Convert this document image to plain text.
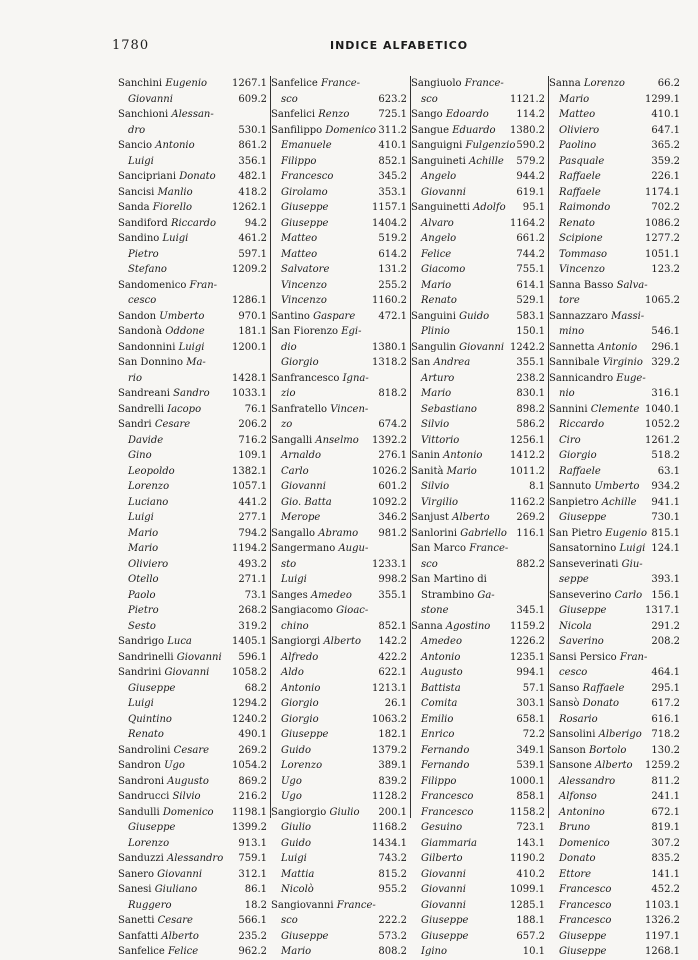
1780	INDICE ALFABETICO
Sanchini Eugenio 1267.1
Giovanni	609.2
Sanchioni Alessan-
dro	530.1
Sancio Antonio	861.2
Luigi	356.1
Sancipriani Donato 482.1
Sancisi Manlio	418.2
Sanda Fiorello	1262.1
Sandiford Riccardo	94.2
Sandino Luigi	461.2
Pietro	597.1
Stefano	1209.2
Sandomenico Fran-
cesco	1286.1
Sandon Umberto	970.1
Sandonà Oddone	181.1
Sandonnini Luigi	1200.1
San Donnino Ma-
rio	1428.1
Sandreani Sandro 1033.1
Sandrelli Iacopo	76.1
Sandri Cesare	206.2
Davide	716.2
Gino	109.1
Leopoldo	1382.1
Lorenzo	1057.1
Luciano	441.2
Luigi	277.1
Mario	794.2
Mario	1194.2
Oliviero	493.2
Otello	271.1
Paolo	73.1
Pietro	268.2
Sesto	319.2
Sandrigo Luca	1405.1
Sandrinelli Giovanni 596.1
Sandrini Giovanni 1058.2
Giuseppe	68.2
Luigi	1294.2
Quintino	1240.2
Renato	490.1
Sandrolini Cesare	269.2
Sandron Ugo	1054.2
Sandroni Augusto	869.2
Sandrucci Silvio	216.2
Sandulli Domenico 1198.1
Giuseppe	1399.2
Lorenzo	913.1
Sanduzzi Alessandro 759.1
Sanero Giovanni	312.1
Sanesi Giuliano	86.1
Ruggero	18.2
Sanetti Cesare	566.1
Sanfatti Alberto	235.2
Sanfelice Felice	962.2
Sanfelice France-
sco	623.2
Sanfelici Renzo	725.1
Sanfilippo Domenico 311.2
Emanuele	410.1
Filippo	852.1
Francesco	345.2
Girolamo	353.1
Giuseppe	1157.1
Giuseppe	1404.2
Matteo	519.2
Matteo	614.2
Salvatore	131.2
Vincenzo	255.2
Vincenzo	1160.2
Santino Gaspare 472.1
San Fiorenzo Egi-
dio	1380.1
Giorgio	1318.2
Sanfrancesco Igna-
zio	818.2
Sanfratello Vincen-
zo	674.2
Sangalli Anselmo 1392.2
Arnaldo	276.1
Carlo	1026.2
Giovanni	601.2
Gio. Batta	1092.2
Merope	346.2
Sangallo Abramo 981.2
Sangermano Augu-
sto	1233.1
Luigi	998.2
Sanges Amedeo	355.1
Sangiacomo Gioac-
chino	852.1
Sangiorgi Alberto 142.2
Alfredo	422.2
Aldo	622.1
Antonio	1213.1
Giorgio	26.1
Giorgio	1063.2
Giuseppe	182.1
Guido	1379.2
Lorenzo	389.1
Ugo	839.2
Ugo	1128.2
Sangiorgio Giulio 200.1
Giulio	1168.2
Guido	1434.1
Luigi	743.2
Mattia	815.2
Nicolò	955.2
Sangiovanni France-
sco	222.2
Giuseppe	573.2
Mario	808.2
Sangiuolo France-
sco	1121.2
Sango Edoardo	114.2
Sangue Eduardo 1380.2
Sanguigni Fulgenzio 590.2
Sanguineti Achille 579.2
Angelo	944.2
Giovanni	619.1
Sanguinetti Adolfo 95.1
Alvaro	1164.2
Angelo	661.2
Felice	744.2
Giacomo	755.1
Mario	614.1
Renato	529.1
Sanguini Guido	583.1
Plinio	150.1
Sangulin Giovanni 1242.2
San Andrea	355.1
Arturo	238.2
Mario	830.1
Sebastiano	898.2
Silvio	586.2
Vittorio	1256.1
Sanin Antonio	1412.2
Sanità Mario	1011.2
Silvio	8.1
Virgilio	1162.2
Sanjust Alberto	269.2
Sanlorini Gabriello 116.1
San Marco France-
sco	882.2
San Martino di
Strambino Ga-
stone	345.1
Sanna Agostino 1159.2
Amedeo	1226.2
Antonio	1235.1
Augusto	994.1
Battista	57.1
Comita	303.1
Emilio	658.1
Enrico	72.2
Fernando	349.1
Fernando	539.1
Filippo	1000.1
Francesco	858.1
Francesco	1158.2
Gesuino	723.1
Giammaria	143.1
Gilberto	1190.2
Giovanni	410.2
Giovanni	1099.1
Giovanni	1285.1
Giuseppe	188.1
Giuseppe	657.2
Igino	10.1
Sanna Lorenzo	66.2
Mario	1299.1
Matteo	410.1
Oliviero	647.1
Paolino	365.2
Pasquale	359.2
Raffaele	226.1
Raffaele	1174.1
Raimondo	702.2
Renato	1086.2
Scipione	1277.2
Tommaso	1051.1
Vincenzo	123.2
Sanna Basso Salva-
tore	1065.2
Sannazzaro Massi-
mino	546.1
Sannetta Antonio 296.1
Sannibale Virginio 329.2
Sannicandro Euge-
nio	316.1
Sannini Clemente 1040.1
Riccardo	1052.2
Ciro	1261.2
Giorgio	518.2
Raffaele	63.1
Sannuto Umberto 934.2
Sanpietro Achille 941.1
Giuseppe	730.1
San Pietro Eugenio 815.1
Sansatornino Luigi 124.1
Sanseverinati Giu-
seppe	393.1
Sanseverino Carlo 156.1
Giuseppe	1317.1
Nicola	291.2
Saverino	208.2
Sansi Persico Fran-
cesco	464.1
Sanso Raffaele	295.1
Sansò Donato	617.2
Rosario	616.1
Sansolini Alberigo 718.2
Sanson Bortolo 130.2
Sansone Alberto 1259.2
Alessandro	811.2
Alfonso	241.1
Antonino	672.1
Bruno	819.1
Domenico	307.2
Donato	835.2
Ettore	141.1
Francesco	452.2
Francesco	1103.1
Francesco	1326.2
Giuseppe	1197.1
Giuseppe	1268.1
